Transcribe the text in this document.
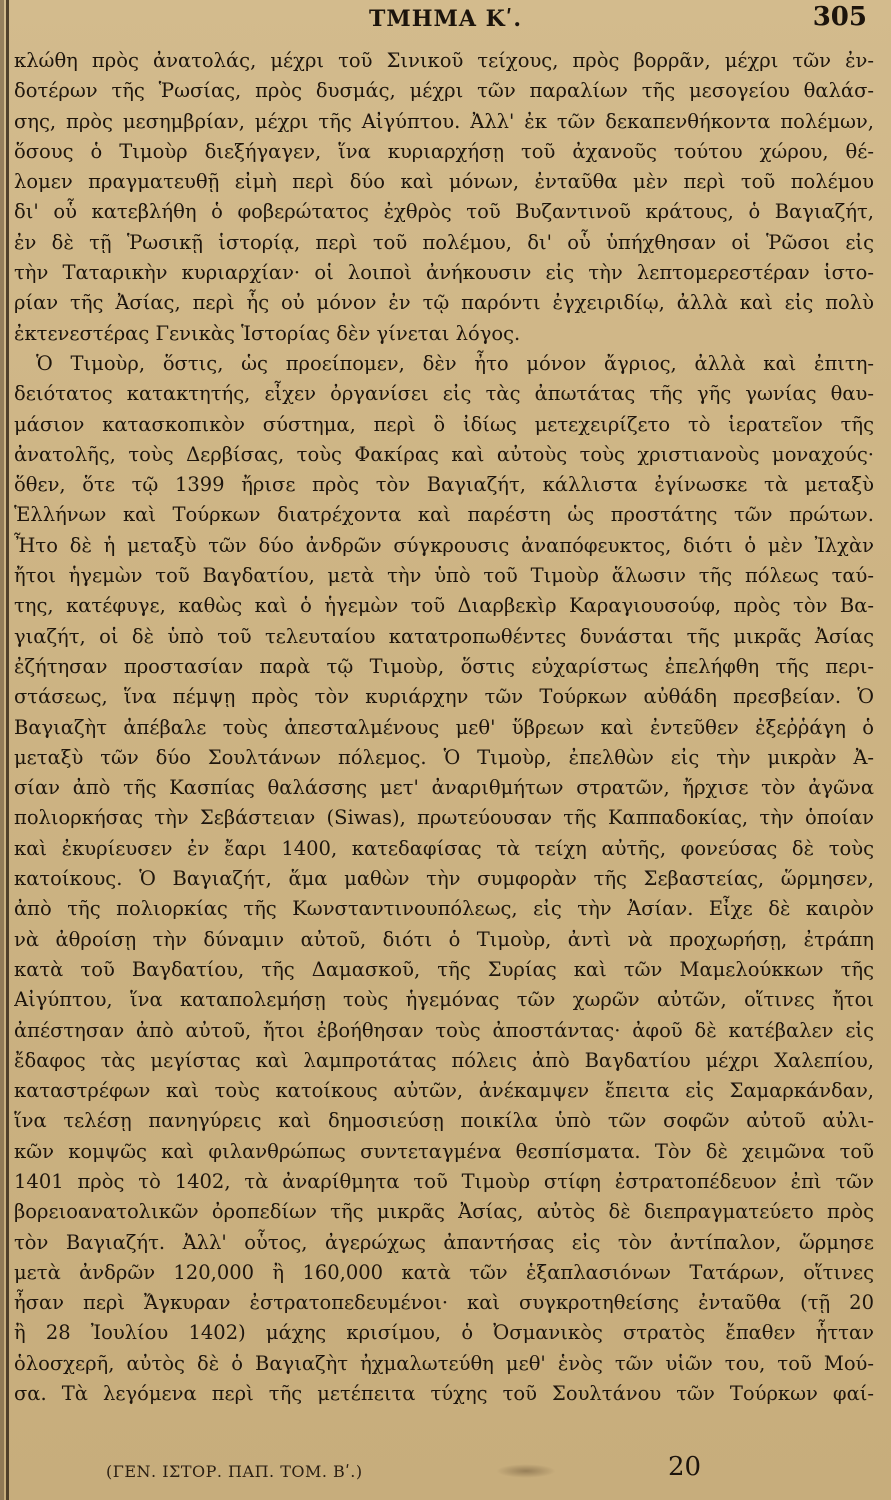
ΤΜΗΜΑ Κʹ.	305
κλώθη πρὸς ἀνατολάς, μέχρι τοῦ Σινικοῦ τείχους, πρὸς βορρᾶν, μέχρι τῶν ἐν-
δοτέρων τῆς Ῥωσίας, πρὸς δυσμάς, μέχρι τῶν παραλίων τῆς μεσογείου θαλάσ-
σης, πρὸς μεσημβρίαν, μέχρι τῆς Αἰγύπτου. Ἀλλ' ἐκ τῶν δεκαπενθήκοντα πολέμων,
ὅσους ὁ Τιμοὺρ διεξήγαγεν, ἵνα κυριαρχήσῃ τοῦ ἀχανοῦς τούτου χώρου, θέ-
λομεν πραγματευθῇ εἰμὴ περὶ δύο καὶ μόνων, ἐνταῦθα μὲν περὶ τοῦ πολέμου
δι' οὗ κατεβλήθη ὁ φοβερώτατος ἐχθρὸς τοῦ Βυζαντινοῦ κράτους, ὁ Βαγιαζήτ,
ἐν δὲ τῇ Ῥωσικῇ ἱστορίᾳ, περὶ τοῦ πολέμου, δι' οὗ ὑπήχθησαν οἱ Ῥῶσοι εἰς
τὴν Ταταρικὴν κυριαρχίαν· οἱ λοιποὶ ἀνήκουσιν εἰς τὴν λεπτομερεστέραν ἱστο-
ρίαν τῆς Ἀσίας, περὶ ἧς οὐ μόνον ἐν τῷ παρόντι ἐγχειριδίῳ, ἀλλὰ καὶ εἰς πολὺ
ἐκτενεστέρας Γενικὰς Ἱστορίας δὲν γίνεται λόγος.
Ὁ Τιμοὺρ, ὅστις, ὡς προείπομεν, δὲν ἦτο μόνον ἄγριος, ἀλλὰ καὶ ἐπιτη-
δειότατος κατακτητής, εἶχεν ὀργανίσει εἰς τὰς ἀπωτάτας τῆς γῆς γωνίας θαυ-
μάσιον κατασκοπικὸν σύστημα, περὶ ὃ ἰδίως μετεχειρίζετο τὸ ἱερατεῖον τῆς
ἀνατολῆς, τοὺς Δερβίσας, τοὺς Φακίρας καὶ αὐτοὺς τοὺς χριστιανοὺς μοναχούς·
ὅθεν, ὅτε τῷ 1399 ἤρισε πρὸς τὸν Βαγιαζήτ, κάλλιστα ἐγίνωσκε τὰ μεταξὺ
Ἑλλήνων καὶ Τούρκων διατρέχοντα καὶ παρέστη ὡς προστάτης τῶν πρώτων.
Ἦτο δὲ ἡ μεταξὺ τῶν δύο ἀνδρῶν σύγκρουσις ἀναπόφευκτος, διότι ὁ μὲν Ἰλχὰν
ἤτοι ἡγεμὼν τοῦ Βαγδατίου, μετὰ τὴν ὑπὸ τοῦ Τιμοὺρ ἅλωσιν τῆς πόλεως ταύ-
της, κατέφυγε, καθὼς καὶ ὁ ἡγεμὼν τοῦ Διαρβεκὶρ Καραγιουσούφ, πρὸς τὸν Βα-
γιαζήτ, οἱ δὲ ὑπὸ τοῦ τελευταίου κατατροπωθέντες δυνάσται τῆς μικρᾶς Ἀσίας
ἐζήτησαν προστασίαν παρὰ τῷ Τιμοὺρ, ὅστις εὐχαρίστως ἐπελήφθη τῆς περι-
στάσεως, ἵνα πέμψῃ πρὸς τὸν κυριάρχην τῶν Τούρκων αὐθάδη πρεσβείαν. Ὁ
Βαγιαζὴτ ἀπέβαλε τοὺς ἀπεσταλμένους μεθ' ὕβρεων καὶ ἐντεῦθεν ἐξεῤῥάγη ὁ
μεταξὺ τῶν δύο Σουλτάνων πόλεμος. Ὁ Τιμοὺρ, ἐπελθὼν εἰς τὴν μικρὰν Ἀ-
σίαν ἀπὸ τῆς Κασπίας θαλάσσης μετ' ἀναριθμήτων στρατῶν, ἤρχισε τὸν ἀγῶνα
πολιορκήσας τὴν Σεβάστειαν (Siwas), πρωτεύουσαν τῆς Καππαδοκίας, τὴν ὁποίαν
καὶ ἐκυρίευσεν ἐν ἔαρι 1400, κατεδαφίσας τὰ τείχη αὐτῆς, φονεύσας δὲ τοὺς
κατοίκους. Ὁ Βαγιαζήτ, ἅμα μαθὼν τὴν συμφορὰν τῆς Σεβαστείας, ὥρμησεν,
ἀπὸ τῆς πολιορκίας τῆς Κωνσταντινουπόλεως, εἰς τὴν Ἀσίαν. Εἶχε δὲ καιρὸν
νὰ ἀθροίσῃ τὴν δύναμιν αὐτοῦ, διότι ὁ Τιμοὺρ, ἀντὶ νὰ προχωρήσῃ, ἐτράπη
κατὰ τοῦ Βαγδατίου, τῆς Δαμασκοῦ, τῆς Συρίας καὶ τῶν Μαμελούκκων τῆς
Αἰγύπτου, ἵνα καταπολεμήσῃ τοὺς ἡγεμόνας τῶν χωρῶν αὐτῶν, οἵτινες ἤτοι
ἀπέστησαν ἀπὸ αὐτοῦ, ἤτοι ἐβοήθησαν τοὺς ἀποστάντας· ἀφοῦ δὲ κατέβαλεν εἰς
ἔδαφος τὰς μεγίστας καὶ λαμπροτάτας πόλεις ἀπὸ Βαγδατίου μέχρι Χαλεπίου,
καταστρέφων καὶ τοὺς κατοίκους αὐτῶν, ἀνέκαμψεν ἔπειτα εἰς Σαμαρκάνδαν,
ἵνα τελέσῃ πανηγύρεις καὶ δημοσιεύσῃ ποικίλα ὑπὸ τῶν σοφῶν αὐτοῦ αὐλι-
κῶν κομψῶς καὶ φιλανθρώπως συντεταγμένα θεσπίσματα. Τὸν δὲ χειμῶνα τοῦ
1401 πρὸς τὸ 1402, τὰ ἀναρίθμητα τοῦ Τιμοὺρ στίφη ἐστρατοπέδευον ἐπὶ τῶν
βορειοανατολικῶν ὀροπεδίων τῆς μικρᾶς Ἀσίας, αὐτὸς δὲ διεπραγματεύετο πρὸς
τὸν Βαγιαζήτ. Ἀλλ' οὗτος, ἀγερώχως ἀπαντήσας εἰς τὸν ἀντίπαλον, ὥρμησε
μετὰ ἀνδρῶν 120,000 ἢ 160,000 κατὰ τῶν ἑξαπλασιόνων Τατάρων, οἵτινες
ἦσαν περὶ Ἄγκυραν ἐστρατοπεδευμένοι· καὶ συγκροτηθείσης ἐνταῦθα (τῇ 20
ἢ 28 Ἰουλίου 1402) μάχης κρισίμου, ὁ Ὀσμανικὸς στρατὸς ἔπαθεν ἧτταν
ὁλοσχερῆ, αὐτὸς δὲ ὁ Βαγιαζὴτ ἠχμαλωτεύθη μεθ' ἑνὸς τῶν υἱῶν του, τοῦ Μού-
σα. Τὰ λεγόμενα περὶ τῆς μετέπειτα τύχης τοῦ Σουλτάνου τῶν Τούρκων φαί-
(ΓΕΝ. ΙΣΤΟΡ. ΠΑΠ. ΤΟΜ. Βʹ.)	20
